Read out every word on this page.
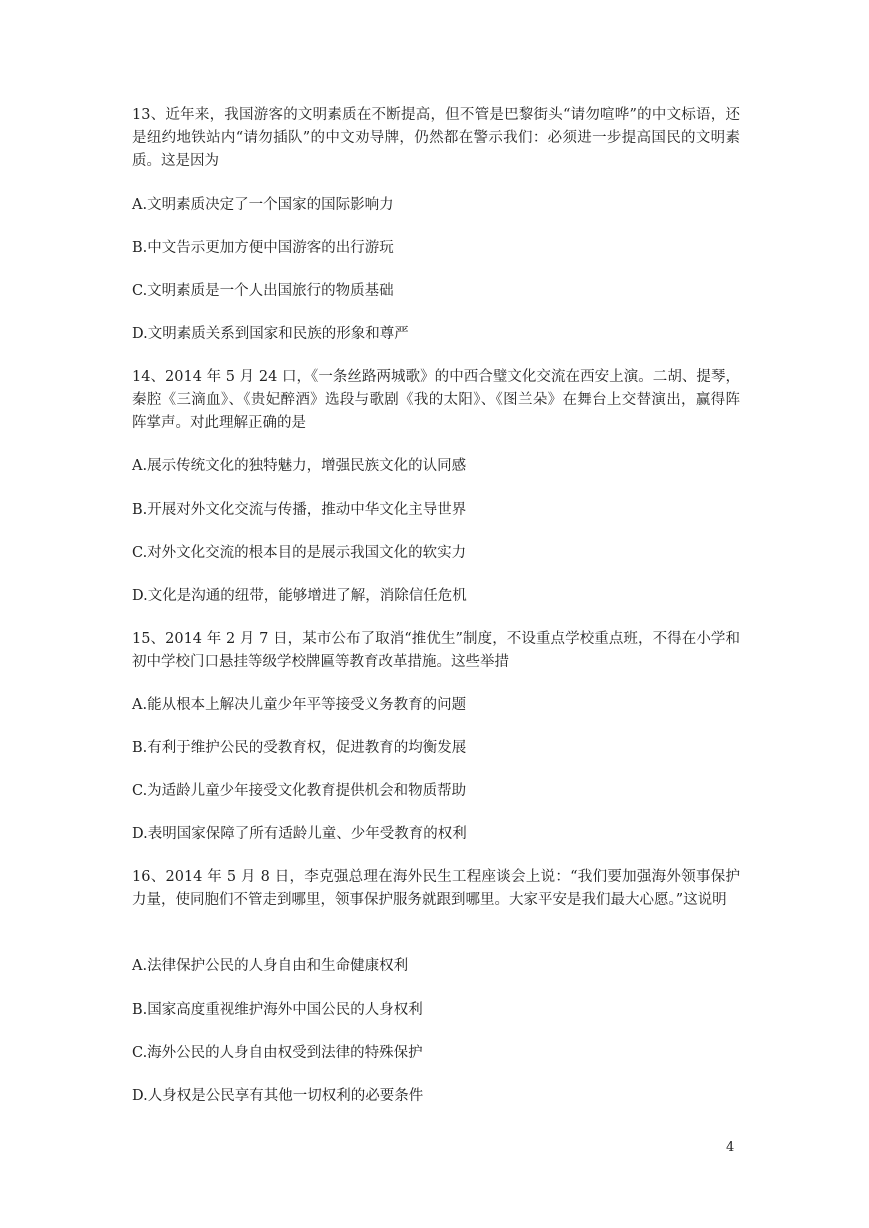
13、近年来，我国游客的文明素质在不断提高，但不管是巴黎街头“请勿喧哗”的中文标语，还是纽约地铁站内“请勿插队”的中文劝导牌，仍然都在警示我们：必须进一步提高国民的文明素质。这是因为

A.文明素质决定了一个国家的国际影响力

B.中文告示更加方便中国游客的出行游玩

C.文明素质是一个人出国旅行的物质基础

D.文明素质关系到国家和民族的形象和尊严

14、2014 年 5 月 24 口，《一条丝路两城歌》的中西合璧文化交流在西安上演。二胡、提琴，秦腔《三滴血》、《贵妃醉酒》选段与歌剧《我的太阳》、《图兰朵》在舞台上交替演出，赢得阵阵掌声。对此理解正确的是

A.展示传统文化的独特魅力，增强民族文化的认同感

B.开展对外文化交流与传播，推动中华文化主导世界

C.对外文化交流的根本目的是展示我国文化的软实力

D.文化是沟通的纽带，能够增进了解，消除信任危机

15、2014 年 2 月 7 日，某市公布了取消“推优生”制度，不设重点学校重点班，不得在小学和初中学校门口悬挂等级学校牌匾等教育改革措施。这些举措

A.能从根本上解决儿童少年平等接受义务教育的问题

B.有利于维护公民的受教育权，促进教育的均衡发展

C.为适龄儿童少年接受文化教育提供机会和物质帮助

D.表明国家保障了所有适龄儿童、少年受教育的权利

16、2014 年 5 月 8 日，李克强总理在海外民生工程座谈会上说：“我们要加强海外领事保护力量，使同胞们不管走到哪里，领事保护服务就跟到哪里。大家平安是我们最大心愿。”这说明

A.法律保护公民的人身自由和生命健康权利

B.国家高度重视维护海外中国公民的人身权利

C.海外公民的人身自由权受到法律的特殊保护

D.人身权是公民享有其他一切权利的必要条件

4
